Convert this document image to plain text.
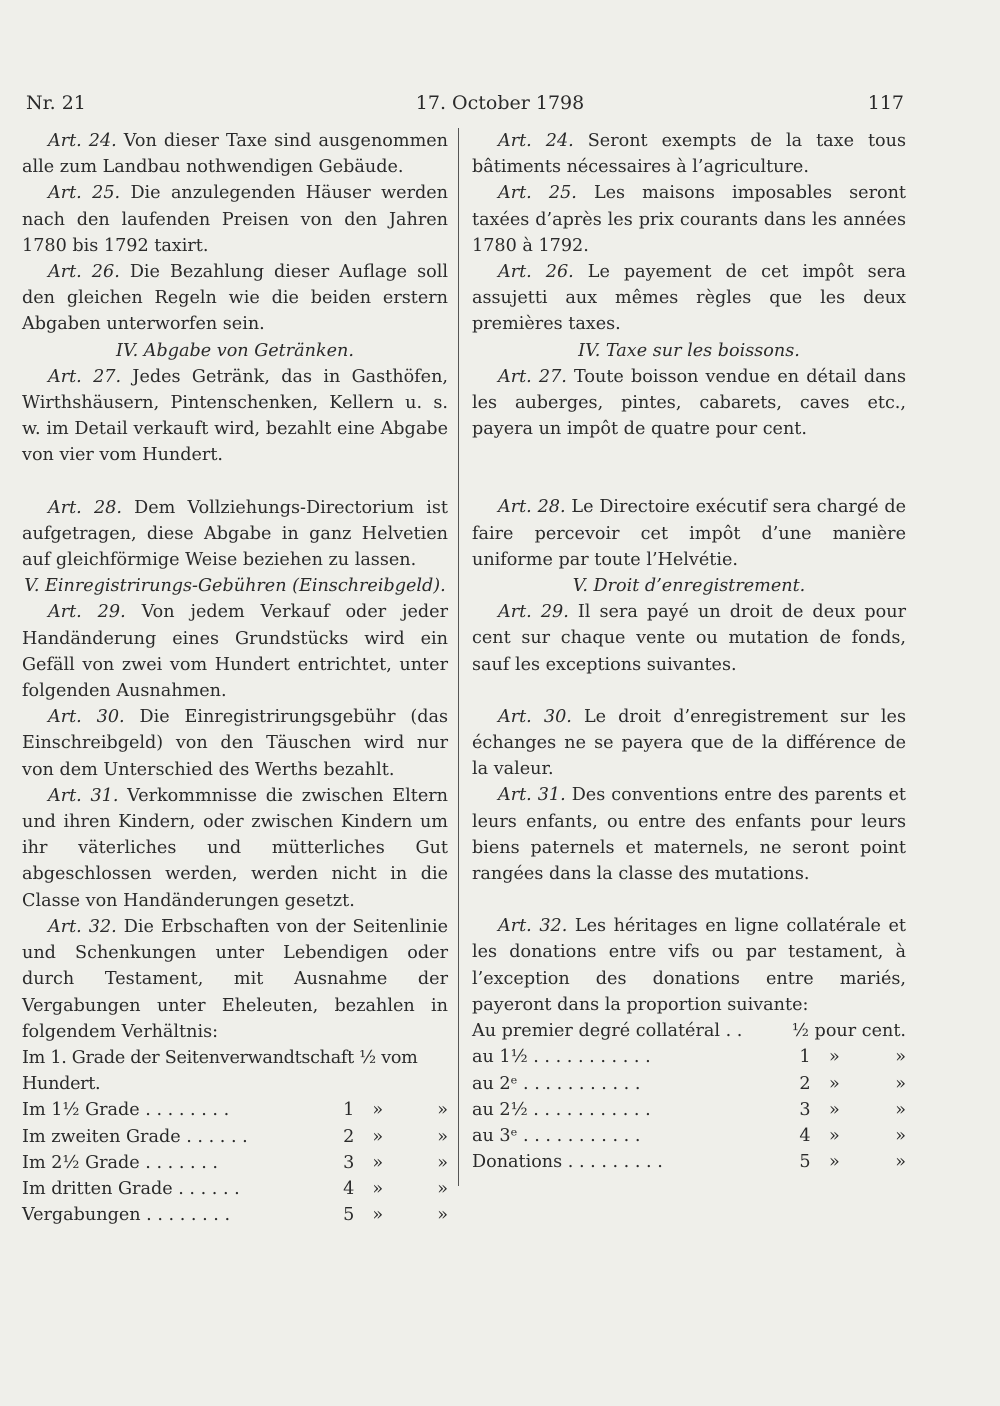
Nr. 21	17. October 1798	117

Art. 24. Von dieser Taxe sind ausgenommen alle zum Landbau nothwendigen Gebäude.

Art. 25. Die anzulegenden Häuser werden nach den laufenden Preisen von den Jahren 1780 bis 1792 taxirt.

Art. 26. Die Bezahlung dieser Auflage soll den gleichen Regeln wie die beiden erstern Abgaben unterworfen sein.

IV. Abgabe von Getränken.

Art. 27. Jedes Getränk, das in Gasthöfen, Wirthshäusern, Pintenschenken, Kellern u. s. w. im Detail verkauft wird, bezahlt eine Abgabe von vier vom Hundert.

Art. 28. Dem Vollziehungs-Directorium ist aufgetragen, diese Abgabe in ganz Helvetien auf gleichförmige Weise beziehen zu lassen.

V. Einregistrirungs-Gebühren (Einschreibgeld).

Art. 29. Von jedem Verkauf oder jeder Handänderung eines Grundstücks wird ein Gefäll von zwei vom Hundert entrichtet, unter folgenden Ausnahmen.

Art. 30. Die Einregistrirungsgebühr (das Einschreibgeld) von den Täuschen wird nur von dem Unterschied des Werths bezahlt.

Art. 31. Verkommnisse die zwischen Eltern und ihren Kindern, oder zwischen Kindern um ihr väterliches und mütterliches Gut abgeschlossen werden, werden nicht in die Classe von Handänderungen gesetzt.

Art. 32. Die Erbschaften von der Seitenlinie und Schenkungen unter Lebendigen oder durch Testament, mit Ausnahme der Vergabungen unter Eheleuten, bezahlen in folgendem Verhältnis:

Im 1. Grade der Seitenverwandtschaft ½ vom Hundert.

Im 1½ Grade . . . . . . . .	1	»	»
Im zweiten Grade . . . . . .	2	»	»
Im 2½ Grade . . . . . . .	3	»	»
Im dritten Grade . . . . . .	4	»	»
Vergabungen . . . . . . . .	5	»	»

Art. 24. Seront exempts de la taxe tous bâtiments nécessaires à l’agriculture.

Art. 25. Les maisons imposables seront taxées d’après les prix courants dans les années 1780 à 1792.

Art. 26. Le payement de cet impôt sera assujetti aux mêmes règles que les deux premières taxes.

IV. Taxe sur les boissons.

Art. 27. Toute boisson vendue en détail dans les auberges, pintes, cabarets, caves etc., payera un impôt de quatre pour cent.

Art. 28. Le Directoire exécutif sera chargé de faire percevoir cet impôt d’une manière uniforme par toute l’Helvétie.

V. Droit d’enregistrement.

Art. 29. Il sera payé un droit de deux pour cent sur chaque vente ou mutation de fonds, sauf les exceptions suivantes.

Art. 30. Le droit d’enregistrement sur les échanges ne se payera que de la différence de la valeur.

Art. 31. Des conventions entre des parents et leurs enfants, ou entre des enfants pour leurs biens paternels et maternels, ne seront point rangées dans la classe des mutations.

Art. 32. Les héritages en ligne collatérale et les donations entre vifs ou par testament, à l’exception des donations entre mariés, payeront dans la proportion suivante:

Au premier degré collatéral . .	½ pour cent.
au 1½ . . . . . . . . . . .	1	»	»
au 2ᵉ . . . . . . . . . . .	2	»	»
au 2½ . . . . . . . . . . .	3	»	»
au 3ᵉ . . . . . . . . . . .	4	»	»
Donations . . . . . . . . .	5	»	»
